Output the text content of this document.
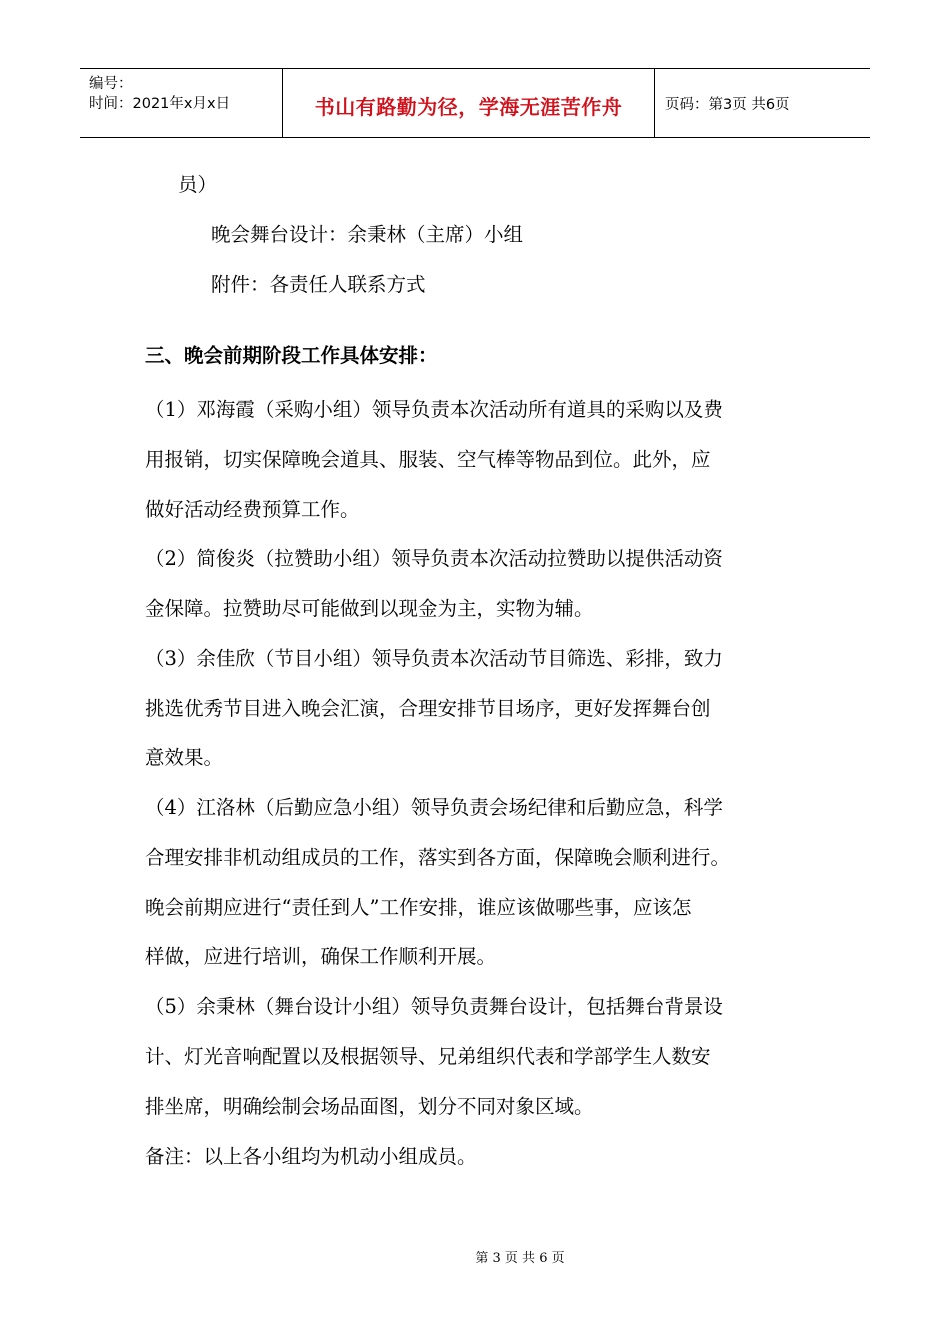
编号：
时间：2021年x月x日	书山有路勤为径，学海无涯苦作舟	页码：第3页 共6页
员）
晚会舞台设计：余秉林（主席）小组
附件：各责任人联系方式
三、晚会前期阶段工作具体安排：
（1）邓海霞（采购小组）领导负责本次活动所有道具的采购以及费
用报销，切实保障晚会道具、服装、空气棒等物品到位。此外，应
做好活动经费预算工作。
（2）简俊炎（拉赞助小组）领导负责本次活动拉赞助以提供活动资
金保障。拉赞助尽可能做到以现金为主，实物为辅。
（3）余佳欣（节目小组）领导负责本次活动节目筛选、彩排，致力
挑选优秀节目进入晚会汇演，合理安排节目场序，更好发挥舞台创
意效果。
（4）江洛林（后勤应急小组）领导负责会场纪律和后勤应急，科学
合理安排非机动组成员的工作，落实到各方面，保障晚会顺利进行。
晚会前期应进行“责任到人”工作安排，谁应该做哪些事，应该怎
样做，应进行培训，确保工作顺利开展。
（5）余秉林（舞台设计小组）领导负责舞台设计，包括舞台背景设
计、灯光音响配置以及根据领导、兄弟组织代表和学部学生人数安
排坐席，明确绘制会场品面图，划分不同对象区域。
备注：以上各小组均为机动小组成员。
第 3 页 共 6 页
